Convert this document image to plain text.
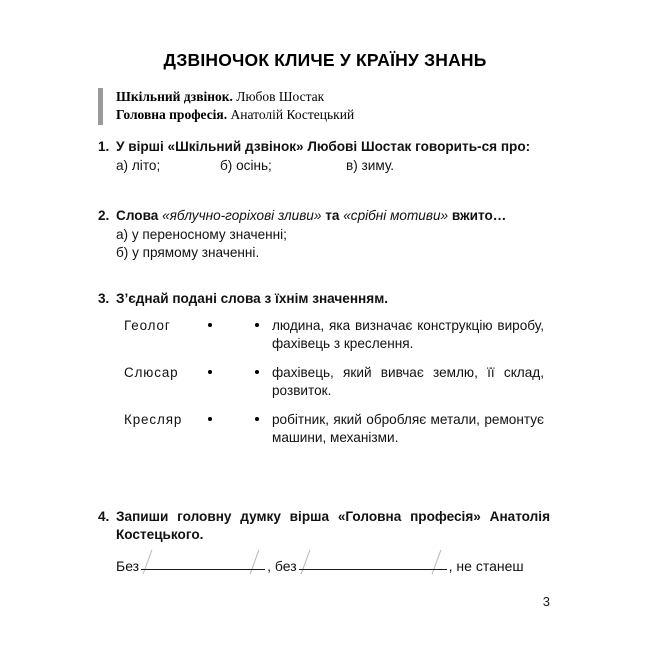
ДЗВІНОЧОК КЛИЧЕ У КРАЇНУ ЗНАНЬ
Шкільний дзвінок. Любов Шостак
Головна професія. Анатолій Костецький
1. У вірші «Шкільний дзвінок» Любові Шостак говорить-ся про:
а) літо;	б) осінь;	в) зиму.
2. Слова «яблучно-горіхові зливи» та «срібні мотиви» вжито…
а) у переносному значенні;
б) у прямому значенні.
3. З’єднай подані слова з їхнім значенням.
Геолог	людина, яка визначає конструкцію виробу, фахівець з креслення.
Слюсар	фахівець, який вивчає землю, її склад, розвиток.
Кресляр	робітник, який обробляє метали, ремонтує машини, механізми.
4. Запиши головну думку вірша «Головна професія» Анатолія Костецького.
Без	, без	, не станеш
3
